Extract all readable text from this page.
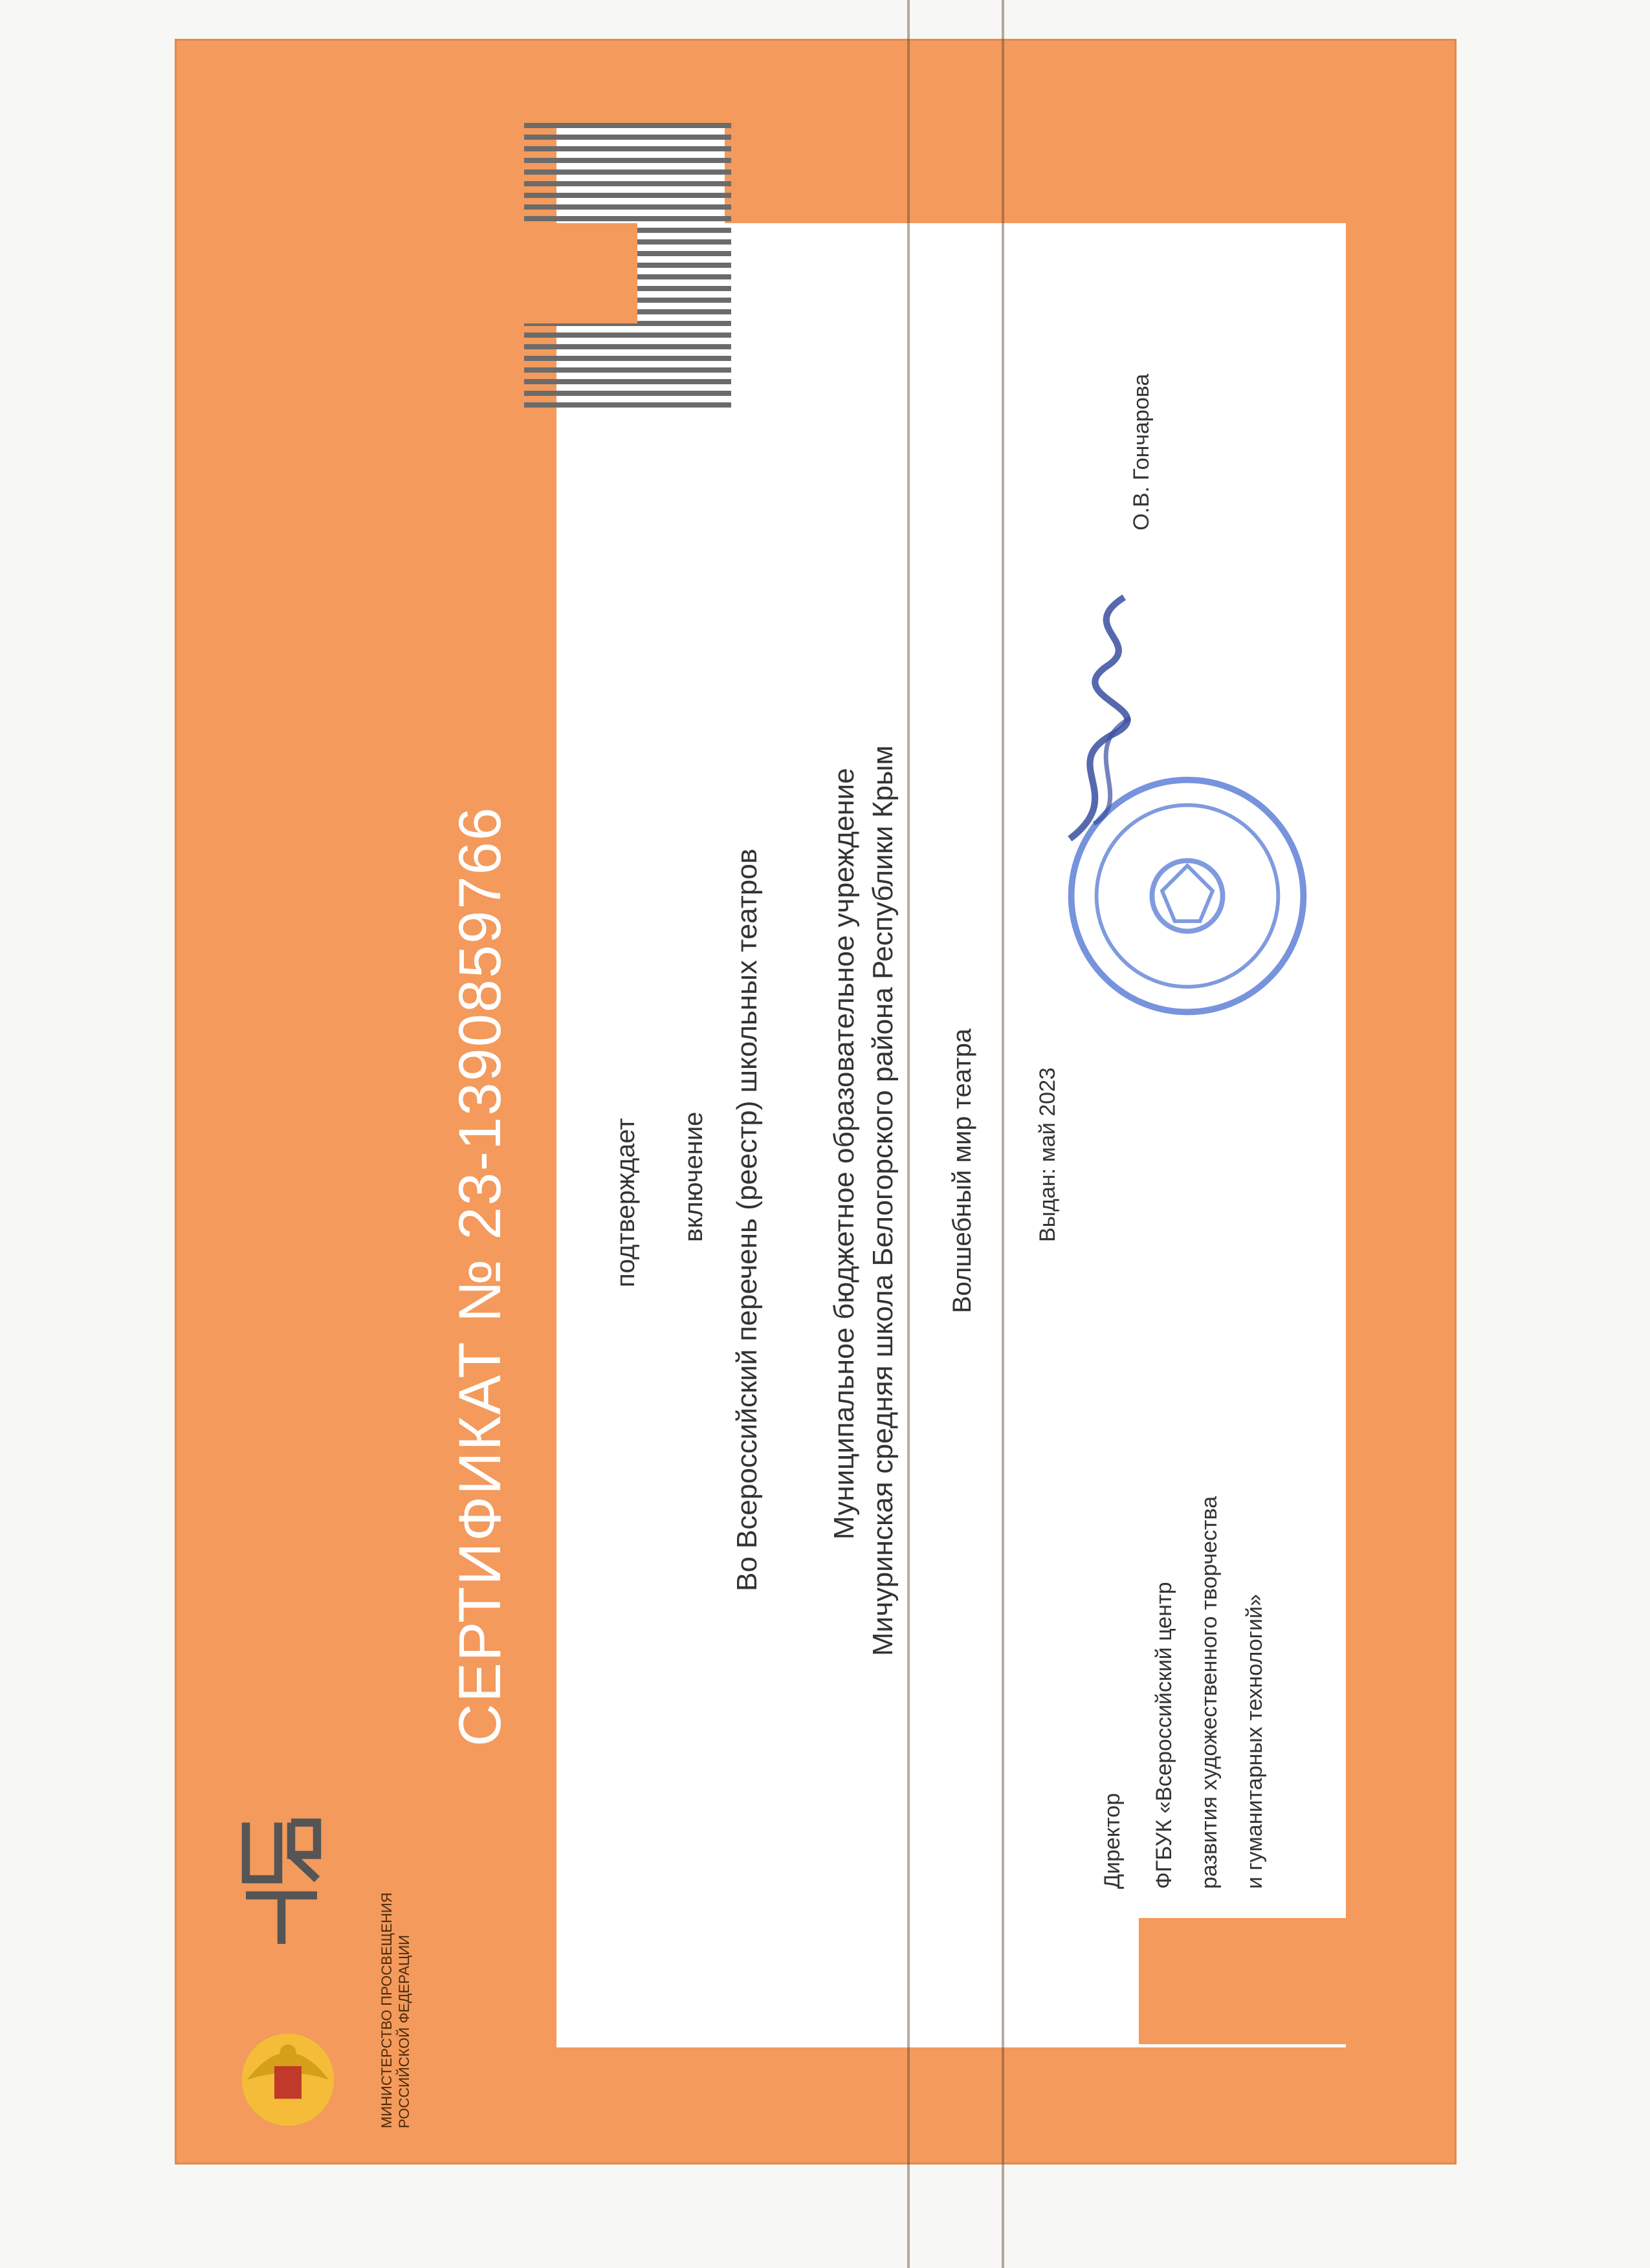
СЕРТИФИКАТ № 23-1390859766	подтверждает включение Во Всероссийский перечень (реестр) школьных театров Муниципальное бюджетное образовательное учреждение Мичуринская средняя школа Белогорского района Республики Крым Волшебный мир театра	Выдан: май 2023
Директор ФГБУК «Всероссийский центр развития художественного творчества и гуманитарных технологий»
О.В. Гончарова
МИНИСТЕРСТВО ПРОСВЕЩЕНИЯ РОССИЙСКОЙ ФЕДЕРАЦИИ
